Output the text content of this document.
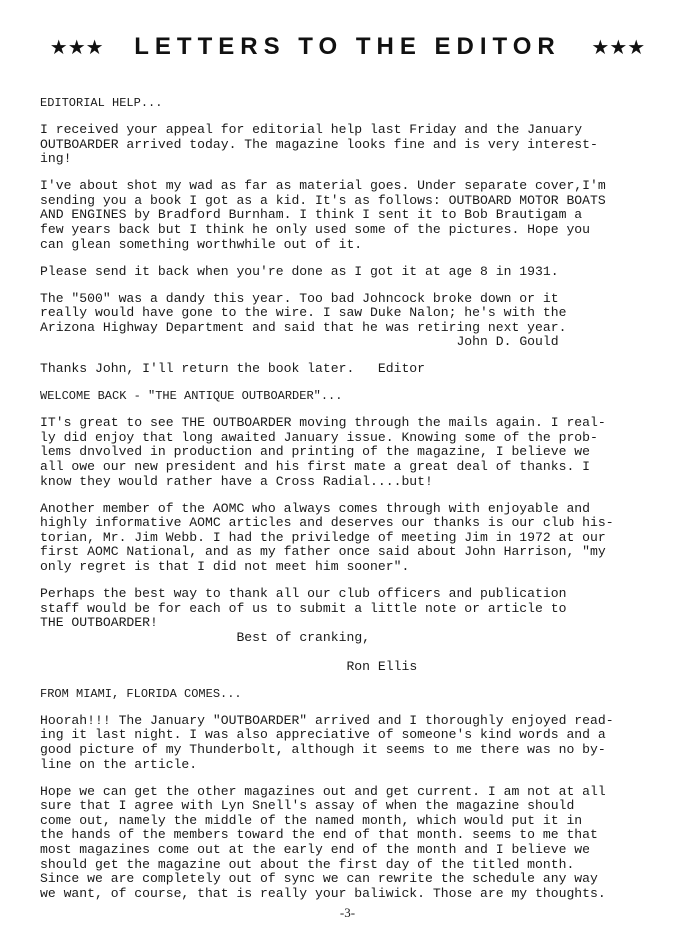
★★★ LETTERS TO THE EDITOR ★★★

EDITORIAL HELP...

I received your appeal for editorial help last Friday and the January
OUTBOARDER arrived today. The magazine looks fine and is very interest-
ing!

I've about shot my wad as far as material goes. Under separate cover,I'm
sending you a book I got as a kid. It's as follows: OUTBOARD MOTOR BOATS
AND ENGINES by Bradford Burnham. I think I sent it to Bob Brautigam a
few years back but I think he only used some of the pictures. Hope you
can glean something worthwhile out of it.

Please send it back when you're done as I got it at age 8 in 1931.

The "500" was a dandy this year. Too bad Johncock broke down or it
really would have gone to the wire. I saw Duke Nalon; he's with the
Arizona Highway Department and said that he was retiring next year.
John D. Gould

Thanks John, I'll return the book later.   Editor

WELCOME BACK - "THE ANTIQUE OUTBOARDER"...

IT's great to see THE OUTBOARDER moving through the mails again. I real-
ly did enjoy that long awaited January issue. Knowing some of the prob-
lems dnvolved in production and printing of the magazine, I believe we
all owe our new president and his first mate a great deal of thanks. I
know they would rather have a Cross Radial....but!

Another member of the AOMC who always comes through with enjoyable and
highly informative AOMC articles and deserves our thanks is our club his-
torian, Mr. Jim Webb. I had the priviledge of meeting Jim in 1972 at our
first AOMC National, and as my father once said about John Harrison, "my
only regret is that I did not meet him sooner".

Perhaps the best way to thank all our club officers and publication
staff would be for each of us to submit a little note or article to
THE OUTBOARDER!
Best of cranking,

Ron Ellis

FROM MIAMI, FLORIDA COMES...

Hoorah!!! The January "OUTBOARDER" arrived and I thoroughly enjoyed read-
ing it last night. I was also appreciative of someone's kind words and a
good picture of my Thunderbolt, although it seems to me there was no by-
line on the article.

Hope we can get the other magazines out and get current. I am not at all
sure that I agree with Lyn Snell's assay of when the magazine should
come out, namely the middle of the named month, which would put it in
the hands of the members toward the end of that month. seems to me that
most magazines come out at the early end of the month and I believe we
should get the magazine out about the first day of the titled month.
Since we are completely out of sync we can rewrite the schedule any way
we want, of course, that is really your baliwick. Those are my thoughts.

-3-
